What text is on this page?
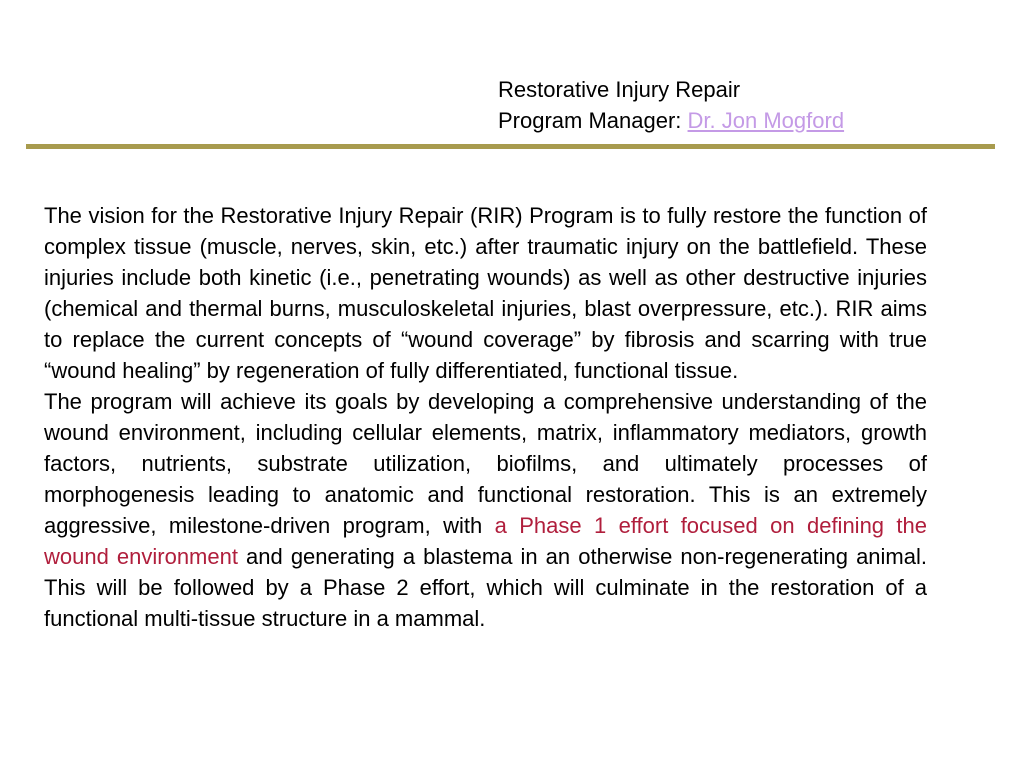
Restorative Injury Repair
Program Manager: Dr. Jon Mogford

The vision for the Restorative Injury Repair (RIR) Program is to fully restore the function of complex tissue (muscle, nerves, skin, etc.) after traumatic injury on the battlefield. These injuries include both kinetic (i.e., penetrating wounds) as well as other destructive injuries (chemical and thermal burns, musculoskeletal injuries, blast overpressure, etc.). RIR aims to replace the current concepts of “wound coverage” by fibrosis and scarring with true “wound healing” by regeneration of fully differentiated, functional tissue.

The program will achieve its goals by developing a comprehensive understanding of the wound environment, including cellular elements, matrix, inflammatory mediators, growth factors, nutrients, substrate utilization, biofilms, and ultimately processes of morphogenesis leading to anatomic and functional restoration. This is an extremely aggressive, milestone-driven program, with a Phase 1 effort focused on defining the wound environment and generating a blastema in an otherwise non-regenerating animal. This will be followed by a Phase 2 effort, which will culminate in the restoration of a functional multi-tissue structure in a mammal.
